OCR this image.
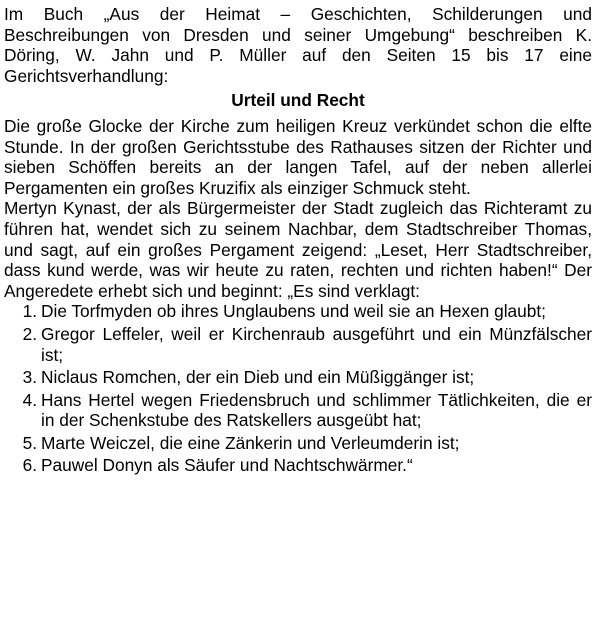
Im Buch „Aus der Heimat – Geschichten, Schilderungen und Beschreibungen von Dresden und seiner Umgebung“ beschreiben K. Döring, W. Jahn und P. Müller auf den Seiten 15 bis 17 eine Gerichtsverhandlung:

Urteil und Recht

Die große Glocke der Kirche zum heiligen Kreuz verkündet schon die elfte Stunde. In der großen Gerichtsstube des Rathauses sitzen der Richter und sieben Schöffen bereits an der langen Tafel, auf der neben allerlei Pergamenten ein großes Kruzifix als einziger Schmuck steht.

Mertyn Kynast, der als Bürgermeister der Stadt zugleich das Richteramt zu führen hat, wendet sich zu seinem Nachbar, dem Stadtschreiber Thomas, und sagt, auf ein großes Pergament zeigend: „Leset, Herr Stadtschreiber, dass kund werde, was wir heute zu raten, rechten und richten haben!“ Der Angeredete erhebt sich und beginnt: „Es sind verklagt:

1. Die Torfmyden ob ihres Unglaubens und weil sie an Hexen glaubt;
2. Gregor Leffeler, weil er Kirchenraub ausgeführt und ein Münzfälscher ist;
3. Niclaus Romchen, der ein Dieb und ein Müßiggänger ist;
4. Hans Hertel wegen Friedensbruch und schlimmer Tätlichkeiten, die er in der Schenkstube des Ratskellers ausgeübt hat;
5. Marte Weiczel, die eine Zänkerin und Verleumderin ist;
6. Pauwel Donyn als Säufer und Nachtschwärmer.“
